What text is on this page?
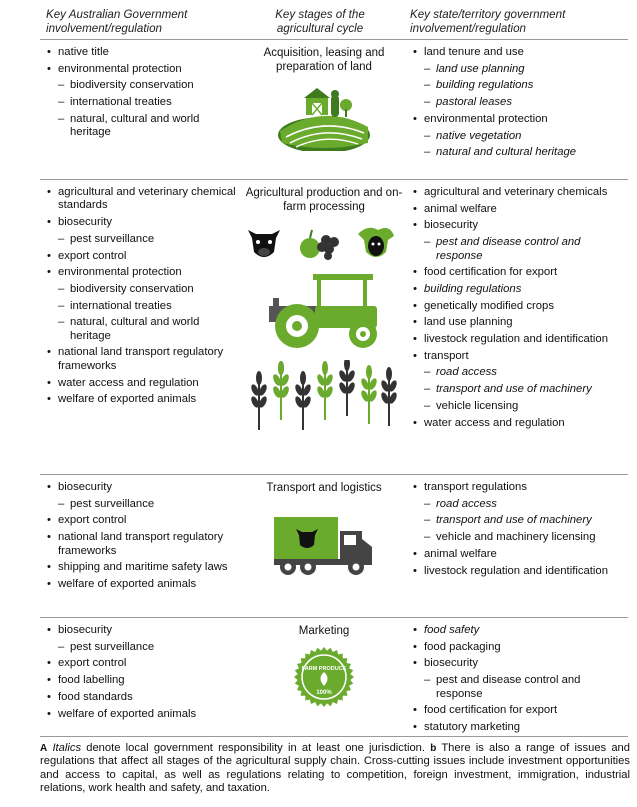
Key Australian Government involvement/regulation
Key stages of the agricultural cycle
Key state/territory government involvement/regulation
• native title
• environmental protection
– biodiversity conservation
– international treaties
– natural, cultural and world heritage
Acquisition, leasing and preparation of land
• land tenure and use
– land use planning
– building regulations
– pastoral leases
• environmental protection
– native vegetation
– natural and cultural heritage
• agricultural and veterinary chemical standards
• biosecurity
– pest surveillance
• export control
• environmental protection
– biodiversity conservation
– international treaties
– natural, cultural and world heritage
• national land transport regulatory frameworks
• water access and regulation
• welfare of exported animals
Agricultural production and on-farm processing
• agricultural and veterinary chemicals
• animal welfare
• biosecurity
– pest and disease control and response
• food certification for export
• building regulations
• genetically modified crops
• land use planning
• livestock regulation and identification
• transport
– road access
– transport and use of machinery
– vehicle licensing
• water access and regulation
• biosecurity
– pest surveillance
• export control
• national land transport regulatory frameworks
• shipping and maritime safety laws
• welfare of exported animals
Transport and logistics
•	transport regulations
– road access
– transport and use of machinery
– vehicle and machinery licensing
• animal welfare
• livestock regulation and identification
• biosecurity
– pest surveillance
• export control
• food labelling
• food standards
• welfare of exported animals
Marketing
FARM PRODUCE
100%
• food safety
• food packaging
• biosecurity
– pest and disease control and response
• food certification for export
• statutory marketing
A Italics denote local government responsibility in at least one jurisdiction. b There is also a range of issues and regulations that affect all stages of the agricultural supply chain. Cross-cutting issues include investment opportunities and access to capital, as well as regulations relating to competition, foreign investment, immigration, industrial relations, work health and safety, and taxation.
